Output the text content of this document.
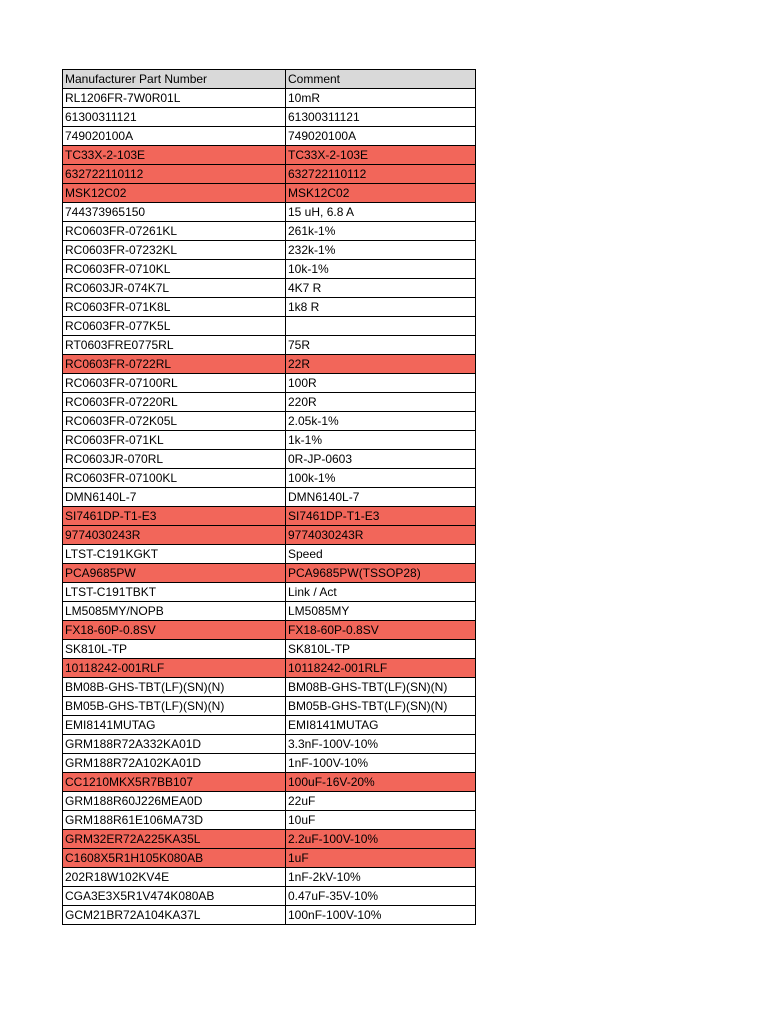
Manufacturer Part Number	Comment
RL1206FR-7W0R01L	10mR
61300311121	61300311121
749020100A	749020100A
TC33X-2-103E	TC33X-2-103E
632722110112	632722110112
MSK12C02	MSK12C02
744373965150	15 uH, 6.8 A
RC0603FR-07261KL	261k-1%
RC0603FR-07232KL	232k-1%
RC0603FR-0710KL	10k-1%
RC0603JR-074K7L	4K7 R
RC0603FR-071K8L	1k8 R
RC0603FR-077K5L	
RT0603FRE0775RL	75R
RC0603FR-0722RL	22R
RC0603FR-07100RL	100R
RC0603FR-07220RL	220R
RC0603FR-072K05L	2.05k-1%
RC0603FR-071KL	1k-1%
RC0603JR-070RL	0R-JP-0603
RC0603FR-07100KL	100k-1%
DMN6140L-7	DMN6140L-7
SI7461DP-T1-E3	SI7461DP-T1-E3
9774030243R	9774030243R
LTST-C191KGKT	Speed
PCA9685PW	PCA9685PW(TSSOP28)
LTST-C191TBKT	Link / Act
LM5085MY/NOPB	LM5085MY
FX18-60P-0.8SV	FX18-60P-0.8SV
SK810L-TP	SK810L-TP
10118242-001RLF	10118242-001RLF
BM08B-GHS-TBT(LF)(SN)(N)	BM08B-GHS-TBT(LF)(SN)(N)
BM05B-GHS-TBT(LF)(SN)(N)	BM05B-GHS-TBT(LF)(SN)(N)
EMI8141MUTAG	EMI8141MUTAG
GRM188R72A332KA01D	3.3nF-100V-10%
GRM188R72A102KA01D	1nF-100V-10%
CC1210MKX5R7BB107	100uF-16V-20%
GRM188R60J226MEA0D	22uF
GRM188R61E106MA73D	10uF
GRM32ER72A225KA35L	2.2uF-100V-10%
C1608X5R1H105K080AB	1uF
202R18W102KV4E	1nF-2kV-10%
CGA3E3X5R1V474K080AB	0.47uF-35V-10%
GCM21BR72A104KA37L	100nF-100V-10%
